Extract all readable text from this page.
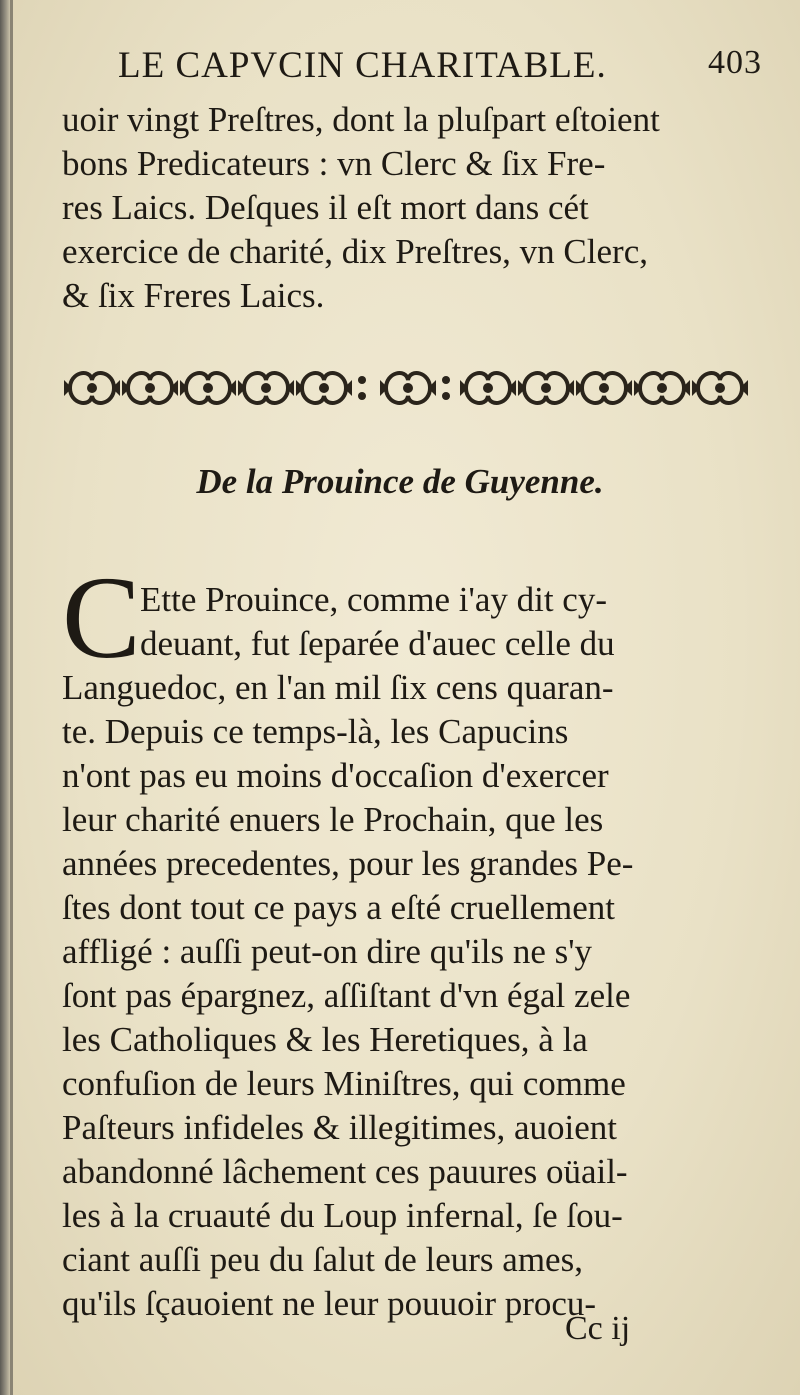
LE CAPVCIN CHARITABLE.	403
uoir vingt Preſtres, dont la pluſpart eſtoient
bons Predicateurs : vn Clerc & ſix Fre-
res Laics. Deſques il eſt mort dans cét
exercice de charité, dix Preſtres, vn Clerc,
& ſix Freres Laics.
De la Prouince de Guyenne.
C Ette Prouince, comme i'ay dit cy-
deuant, fut ſeparée d'auec celle du
Languedoc, en l'an mil ſix cens quaran-
te. Depuis ce temps-là, les Capucins
n'ont pas eu moins d'occaſion d'exercer
leur charité enuers le Prochain, que les
années precedentes, pour les grandes Pe-
ſtes dont tout ce pays a eſté cruellement
affligé : auſſi peut-on dire qu'ils ne s'y
ſont pas épargnez, aſſiſtant d'vn égal zele
les Catholiques & les Heretiques, à la
confuſion de leurs Miniſtres, qui comme
Paſteurs infideles & illegitimes, auoient
abandonné lâchement ces pauures oüail-
les à la cruauté du Loup infernal, ſe ſou-
ciant auſſi peu du ſalut de leurs ames,
qu'ils ſçauoient ne leur pouuoir procu-
Cc ij
